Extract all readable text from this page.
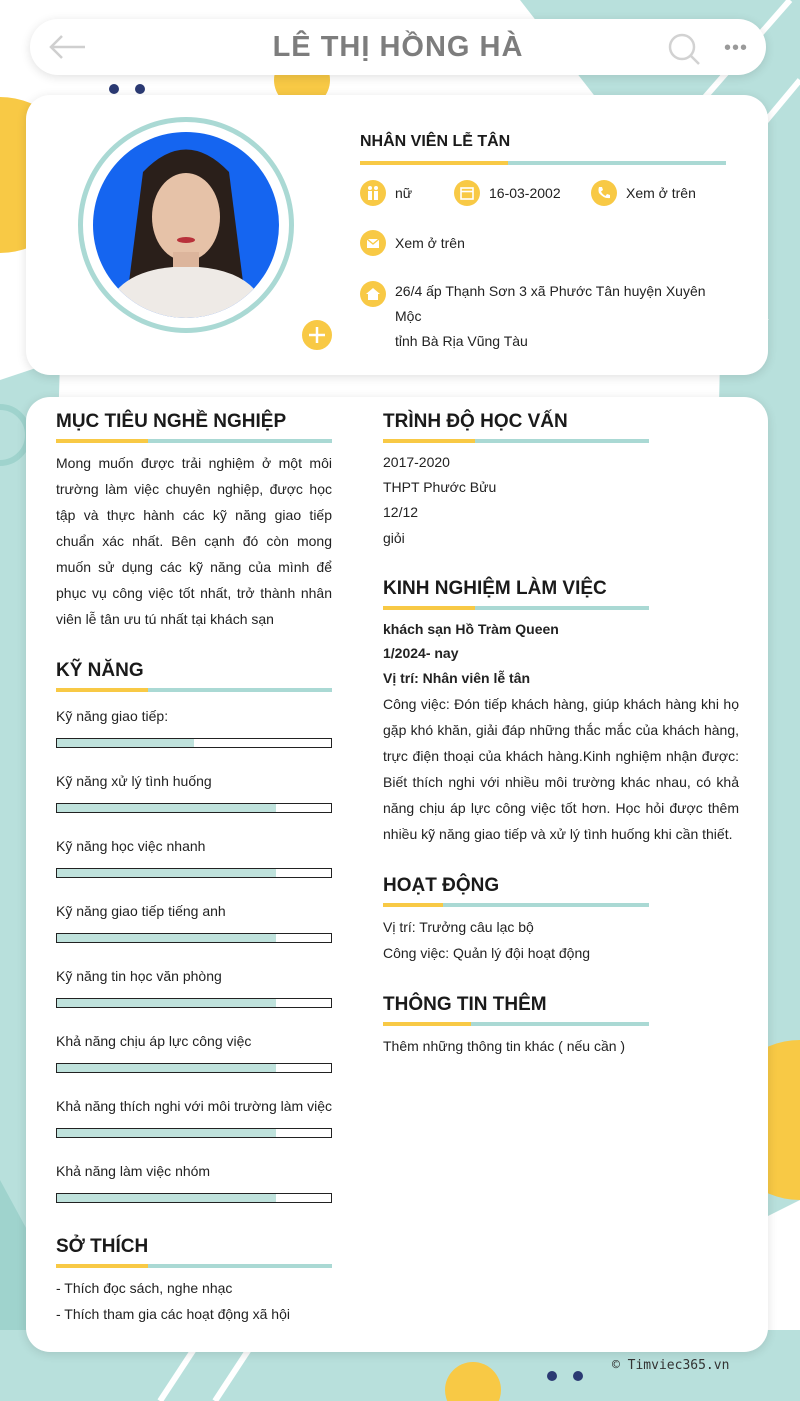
LÊ THỊ HỒNG HÀ	•••
NHÂN VIÊN LỄ TÂN
nữ	16-03-2002	Xem ở trên
Xem ở trên
26/4 ấp Thạnh Sơn 3 xã Phước Tân huyện Xuyên Mộc
tỉnh Bà Rịa Vũng Tàu
MỤC TIÊU NGHỀ NGHIỆP
Mong muốn được trải nghiệm ở một môi trường làm việc chuyên nghiệp, được học tập và thực hành các kỹ năng giao tiếp chuẩn xác nhất. Bên cạnh đó còn mong muốn sử dụng các kỹ năng của mình để phục vụ công việc tốt nhất, trở thành nhân viên lễ tân ưu tú nhất tại khách sạn
KỸ NĂNG
Kỹ năng giao tiếp:
Kỹ năng xử lý tình huống
Kỹ năng học việc nhanh
Kỹ năng giao tiếp tiếng anh
Kỹ năng tin học văn phòng
Khả năng chịu áp lực công việc
Khả năng thích nghi với môi trường làm việc
Khả năng làm việc nhóm
SỞ THÍCH
- Thích đọc sách, nghe nhạc
- Thích tham gia các hoạt động xã hội
TRÌNH ĐỘ HỌC VẤN
2017-2020
THPT Phước Bửu
12/12
giỏi
KINH NGHIỆM LÀM VIỆC
khách sạn Hồ Tràm Queen
1/2024- nay
Vị trí: Nhân viên lễ tân
Công việc: Đón tiếp khách hàng, giúp khách hàng khi họ gặp khó khăn, giải đáp những thắc mắc của khách hàng, trực điện thoại của khách hàng.Kinh nghiệm nhận được: Biết thích nghi với nhiều môi trường khác nhau, có khả năng chịu áp lực công việc tốt hơn. Học hỏi được thêm nhiều kỹ năng giao tiếp và xử lý tình huống khi cần thiết.
HOẠT ĐỘNG
Vị trí: Trưởng câu lạc bộ
Công việc: Quản lý đội hoạt động
THÔNG TIN THÊM
Thêm những thông tin khác ( nếu cần )
© Timviec365.vn
